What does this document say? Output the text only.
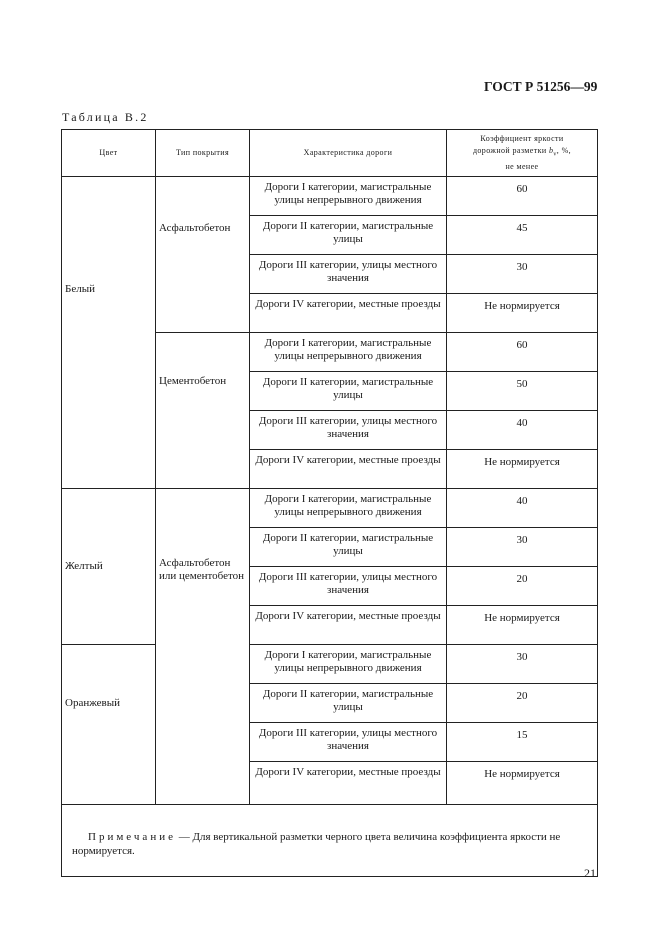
ГОСТ Р 51256—99
Таблица В.2
Цвет	Тип покрытия	Характеристика дороги	Коэффициент яркости
дорожной разметки $b_v$, %,
не менее
Белый	Асфальтобетон	Дороги I категории, магистральные улицы непрерывного движения	60
		Дороги II категории, магистральные улицы	45
		Дороги III категории, улицы местного значения	30
		Дороги IV категории, местные проезды	Не нормируется
	Цементобетон	Дороги I категории, магистральные улицы непрерывного движения	60
		Дороги II категории, магистральные улицы	50
		Дороги III категории, улицы местного значения	40
		Дороги IV категории, местные проезды	Не нормируется
Желтый	Асфальтобетон или цементобетон	Дороги I категории, магистральные улицы непрерывного движения	40
		Дороги II категории, магистральные улицы	30
		Дороги III категории, улицы местного значения	20
		Дороги IV категории, местные проезды	Не нормируется
Оранжевый		Дороги I категории, магистральные улицы непрерывного движения	30
		Дороги II категории, магистральные улицы	20
		Дороги III категории, улицы местного значения	15
		Дороги IV категории, местные проезды	Не нормируется
Примечание — Для вертикальной разметки черного цвета величина коэффициента яркости не нормируется.			
21
